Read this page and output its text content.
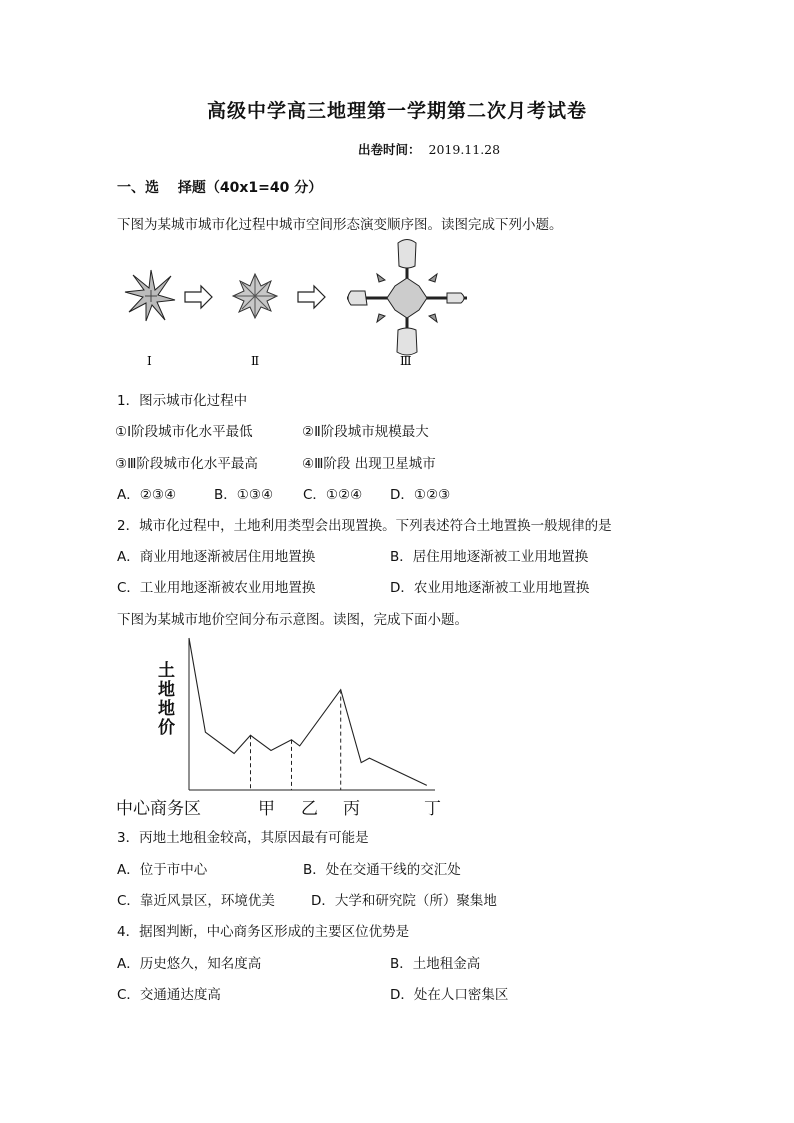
高级中学高三地理第一学期第二次月考试卷
出卷时间： 2019.11.28
一、选　 择题（40x1=40 分）
下图为某城市城市化过程中城市空间形态演变顺序图。读图完成下列小题。
Ⅰ	Ⅱ	Ⅲ
1．图示城市化过程中
①Ⅰ阶段城市化水平最低	②Ⅱ阶段城市规模最大
③Ⅲ阶段城市化水平最高	④Ⅲ阶段 出现卫星城市
A．②③④	B．①③④ C．①②④ D．①②③
2．城市化过程中，土地利用类型会出现置换。下列表述符合土地置换一般规律的是
A．商业用地逐渐被居住用地置换	B．居住用地逐渐被工业用地置换
C．工业用地逐渐被农业用地置换	D．农业用地逐渐被工业用地置换
下图为某城市地价空间分布示意图。读图，完成下面小题。
土
地
地
价
中心商务区	甲 乙 丙	丁
3．丙地土地租金较高，其原因最有可能是
A．位于市中心	B．处在交通干线的交汇处
C．靠近风景区，环境优美	D．大学和研究院（所）聚集地
4．据图判断，中心商务区形成的主要区位优势是
A．历史悠久，知名度高	B．土地租金高
C．交通通达度高	D．处在人口密集区
